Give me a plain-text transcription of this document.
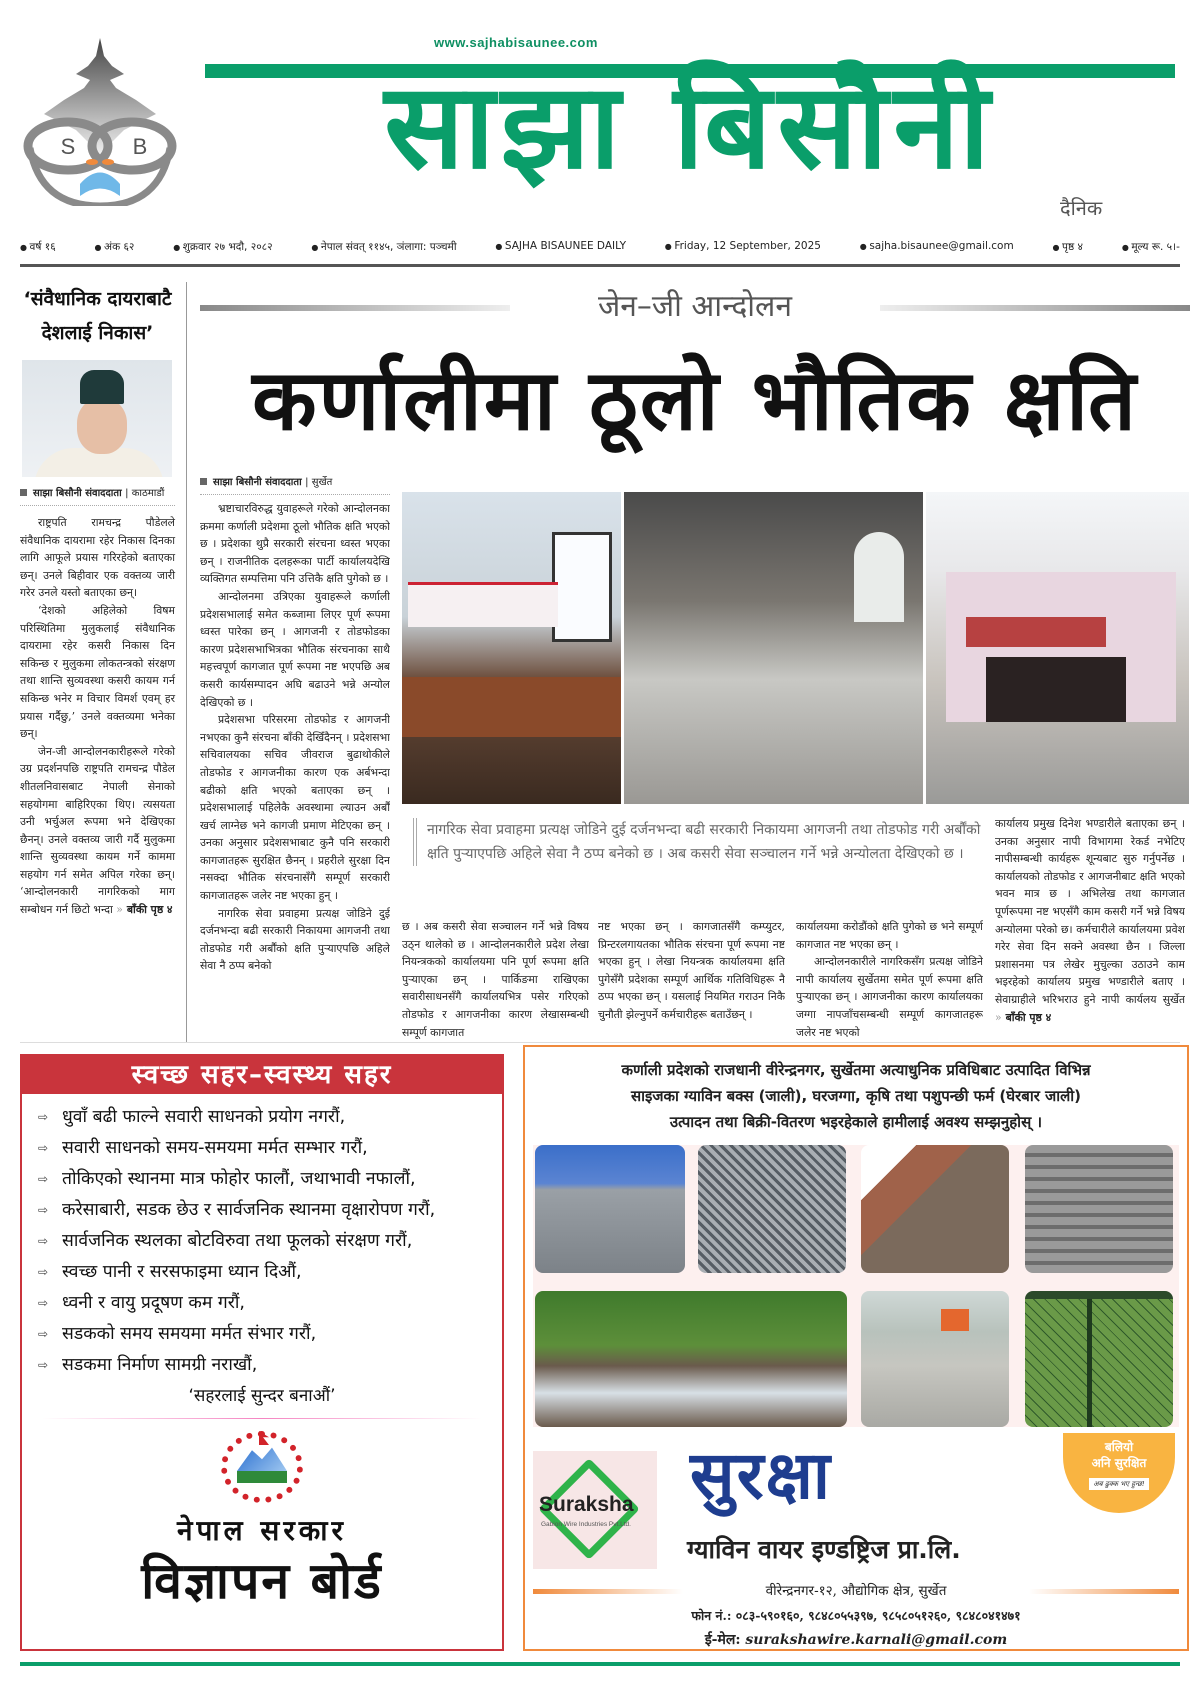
S	B	साझा बिसौनी
www.sajhabisaunee.com
दैनिक
● वर्ष १६	● अंक ६२	● शुक्रवार २७ भदौ, २०८२	● नेपाल संवत् ११४५, ञंलागा: पञ्चमी	● SAJHA BISAUNEE DAILY	● Friday, 12 September, 2025	● sajha.bisaunee@gmail.com	● पृष्ठ ४	● मूल्य रू. ५।-
‘संवैधानिक दायराबाटै देशलाई निकास’
साझा बिसौनी संवाददाता | काठमाडौं

राष्ट्रपति रामचन्द्र पौडेलले संवैधानिक दायरामा रहेर निकास दिनका लागि आफूले प्रयास गरिरहेको बताएका छन्। उनले बिहीवार एक वक्तव्य जारी गरेर उनले यस्तो बताएका छन्।

‘देशको अहिलेको विषम परिस्थितिमा मुलुकलाई संवैधानिक दायरामा रहेर कसरी निकास दिन सकिन्छ र मुलुकमा लोकतन्त्रको संरक्षण तथा शान्ति सुव्यवस्था कसरी कायम गर्न सकिन्छ भनेर म विचार विमर्श एवम् हर प्रयास गर्दैछु,’ उनले वक्तव्यमा भनेका छन्।

जेन-जी आन्दोलनकारीहरूले गरेको उग्र प्रदर्शनपछि राष्ट्रपति रामचन्द्र पौडेल शीतलनिवासबाट नेपाली सेनाको सहयोगमा बाहिरिएका थिए। त्यसयता उनी भर्चुअल रूपमा भने देखिएका छैनन्। उनले वक्तव्य जारी गर्दै मुलुकमा शान्ति सुव्यवस्था कायम गर्ने काममा सहयोग गर्न समेत अपिल गरेका छन्। ‘आन्दोलनकारी नागरिकको माग सम्बोधन गर्न छिटो भन्दा » बाँकी पृष्ठ ४

जेन–जी आन्दोलन
कर्णालीमा ठूलो भौतिक क्षति
साझा बिसौनी संवाददाता | सुर्खेत

भ्रष्टाचारविरुद्ध युवाहरूले गरेको आन्दोलनका क्रममा कर्णाली प्रदेशमा ठूलो भौतिक क्षति भएको छ । प्रदेशका थुप्रै सरकारी संरचना ध्वस्त भएका छन् । राजनीतिक दलहरूका पार्टी कार्यालयदेखि व्यक्तिगत सम्पत्तिमा पनि उत्तिकै क्षति पुगेको छ ।

आन्दोलनमा उत्रिएका युवाहरूले कर्णाली प्रदेशसभालाई समेत कब्जामा लिएर पूर्ण रूपमा ध्वस्त पारेका छन् । आगजनी र तोडफोडका कारण प्रदेशसभाभित्रका भौतिक संरचनाका साथै महत्त्वपूर्ण कागजात पूर्ण रूपमा नष्ट भएपछि अब कसरी कार्यसम्पादन अघि बढाउने भन्ने अन्योल देखिएको छ ।

प्रदेशसभा परिसरमा तोडफोड र आगजनी नभएका कुनै संरचना बाँकी देखिँदैनन् । प्रदेशसभा सचिवालयका सचिव जीवराज बुढाथोकीले तोडफोड र आगजनीका कारण एक अर्बभन्दा बढीको क्षति भएको बताएका छन् । प्रदेशसभालाई पहिलेकै अवस्थामा ल्याउन अर्बौं खर्च लाग्नेछ भने कागजी प्रमाण मेटिएका छन् । उनका अनुसार प्रदेशसभाबाट कुनै पनि सरकारी कागजातहरू सुरक्षित छैनन् । प्रहरीले सुरक्षा दिन नसक्दा भौतिक संरचनासँगै सम्पूर्ण सरकारी कागजातहरू जलेर नष्ट भएका हुन् ।

नागरिक सेवा प्रवाहमा प्रत्यक्ष जोडिने दुई दर्जनभन्दा बढी सरकारी निकायमा आगजनी तथा तोडफोड गरी अर्बौंको क्षति पुऱ्याएपछि अहिले सेवा नै ठप्प बनेको

नागरिक सेवा प्रवाहमा प्रत्यक्ष जोडिने दुई दर्जनभन्दा बढी सरकारी निकायमा आगजनी तथा तोडफोड गरी अर्बौंको क्षति पुऱ्याएपछि अहिले सेवा नै ठप्प बनेको छ । अब कसरी सेवा सञ्चालन गर्ने भन्ने अन्योलता देखिएको छ ।
छ । अब कसरी सेवा सञ्चालन गर्ने भन्ने विषय उठ्न थालेको छ । आन्दोलनकारीले प्रदेश लेखा नियन्त्रकको कार्यालयमा पनि पूर्ण रूपमा क्षति पुऱ्याएका छन् । पार्किङमा राखिएका सवारीसाधनसँगै कार्यालयभित्र पसेर गरिएको तोडफोड र आगजनीका कारण लेखासम्बन्धी सम्पूर्ण कागजात
नष्ट भएका छन् । कागजातसँगै कम्प्युटर, प्रिन्टरलगायतका भौतिक संरचना पूर्ण रूपमा नष्ट भएका हुन् । लेखा नियन्त्रक कार्यालयमा क्षति पुगेसँगै प्रदेशका सम्पूर्ण आर्थिक गतिविधिहरू नै ठप्प भएका छन् । यसलाई नियमित गराउन निकै चुनौती झेल्नुपर्ने कर्मचारीहरू बताउँछन् ।
कार्यालयमा करोडौंको क्षति पुगेको छ भने सम्पूर्ण कागजात नष्ट भएका छन् ।

आन्दोलनकारीले नागरिकसँग प्रत्यक्ष जोडिने नापी कार्यालय सुर्खेतमा समेत पूर्ण रूपमा क्षति पुऱ्याएका छन् । आगजनीका कारण कार्यालयका जग्गा नापजाँचसम्बन्धी सम्पूर्ण कागजातहरू जलेर नष्ट भएको

कार्यालय प्रमुख दिनेश भण्डारीले बताएका छन् । उनका अनुसार नापी विभागमा रेकर्ड नभेटिए नापीसम्बन्धी कार्यहरू शून्यबाट सुरु गर्नुपर्नेछ । कार्यालयको तोडफोड र आगजनीबाट क्षति भएको भवन मात्र छ । अभिलेख तथा कागजात पूर्णरूपमा नष्ट भएसँगै काम कसरी गर्ने भन्ने विषय अन्योलमा परेको छ। कर्मचारीले कार्यालयमा प्रवेश गरेर सेवा दिन सक्ने अवस्था छैन । जिल्ला प्रशासनमा पत्र लेखेर मुचुल्का उठाउने काम भइरहेको कार्यालय प्रमुख भण्डारीले बताए । सेवाग्राहीले भरिभराउ हुने नापी कार्यलय सुर्खेत » बाँकी पृष्ठ ४
स्वच्छ सहर–स्वस्थ्य सहर
⇨ धुवाँ बढी फाल्ने सवारी साधनको प्रयोग नगरौं,
⇨ सवारी साधनको समय-समयमा मर्मत सम्भार गरौं,
⇨ तोकिएको स्थानमा मात्र फोहोर फालौं, जथाभावी नफालौं,
⇨ करेसाबारी, सडक छेउ र सार्वजनिक स्थानमा वृक्षारोपण गरौं,
⇨ सार्वजनिक स्थलका बोटविरुवा तथा फूलको संरक्षण गरौं,
⇨ स्वच्छ पानी र सरसफाइमा ध्यान दिऔं,
⇨ ध्वनी र वायु प्रदूषण कम गरौं,
⇨ सडकको समय समयमा मर्मत संभार गरौं,
⇨ सडकमा निर्माण सामग्री नराखौं,
‘सहरलाई सुन्दर बनाऔं’
नेपाल सरकार
विज्ञापन बोर्ड
कर्णाली प्रदेशको राजधानी वीरेन्द्रनगर, सुर्खेतमा अत्याधुनिक प्रविधिबाट उत्पादित विभिन्न
साइजका ग्याविन बक्स (जाली), घरजग्गा, कृषि तथा पशुपन्छी फर्म (घेरबार जाली)
उत्पादन तथा बिक्री-वितरण भइरहेकाले हामीलाई अवश्य सम्झनुहोस् ।
Suraksha
Gabion Wire Industries Pvt.Ltd.
सुरक्षा
ग्याविन वायर इण्डष्ट्रिज प्रा.लि.
बलियो
अनि सुरक्षित
अब ढुक्क भए हुन्छ!
वीरेन्द्रनगर-१२, औद्योगिक क्षेत्र, सुर्खेत
फोन नं.: ०८३-५९०१६०, ९८४८०५५३९७, ९८५८०५१२६०, ९८४८०४१४७१
ई-मेल: surakshawire.karnali@gmail.com
